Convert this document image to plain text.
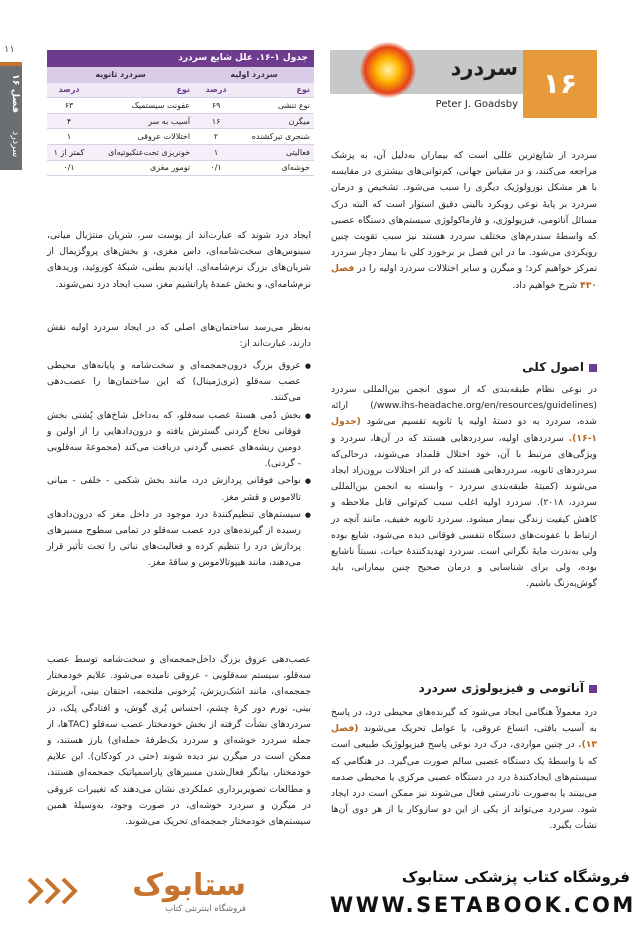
۱۱
فصل ۱۶
سردرد
جدول ۱-۱۶. علل شایع سردرد
سردرد اولیه		سردرد ثانویه	
نوع	درصد	نوع	درصد
نوع تنشی	۶۹	عفونت سیستمیک	۶۳
میگرن	۱۶	آسیب به سر	۴
شنجری تیرکشنده	۲	اختلالات عروقی	۱
فعالیتی	۱	خونریزی تحت‌عنکبوتیه‌ای	کمتر از ۱
خوشه‌ای	۰/۱	تومور مغزی	۰/۱
سردرد ۱۶
Peter J. Goadsby
سردرد از شایع‌ترین عللی است که بیماران به‌دلیل آن، به پزشک مراجعه می‌کنند، و در مقیاس جهانی، کم‌توانی‌های بیشتری در مقایسه با هر مشکل نورولوژیک دیگری را سبب می‌شود. تشخیص و درمان سردرد بر پایهٔ نوعی رویکرد بالینی دقیق استوار است که البته درک مسائل آناتومی، فیزیولوژی، و فارماکولوژی سیستم‌های دستگاه عصبی که واسطهٔ سندرم‌های مختلف سردرد هستند نیز سبب تقویت چنین رویکردی می‌شود. ما در این فصل بر برخورد کلی با بیمار دچار سردرد تمرکز خواهیم کرد؛ و میگرن و سایر اختلالات سردرد اولیه را در فصل ۴۳۰ شرح خواهیم داد.
اصول کلی
در نوعی نظام طبقه‌بندی که از سوی انجمن بین‌المللی سردرد (www.ihs-headache.org/en/resources/guidelines/) ارائه شده، سردرد به دو دستهٔ اولیه یا ثانویه تقسیم می‌شود (جدول ۱-۱۶). سردردهای اولیه، سردردهایی هستند که در آن‌ها، سردرد و ویژگی‌های مرتبط با آن، خود اختلال قلمداد می‌شوند، درحالی‌که سردردهای ثانویه، سردردهایی هستند که در اثر اختلالات برون‌زاد ایجاد می‌شوند (کمیتهٔ طبقه‌بندی سردرد - وابسته به انجمن بین‌المللی سردرد، ۲۰۱۸). سردرد اولیه اغلب سبب کم‌توانی قابل ملاحظه و کاهش کیفیت زندگی بیمار میشود. سردرد ثانویه خفیف، مانند آنچه در ارتباط با عفونت‌های دستگاه تنفسی فوقانی دیده می‌شود، شایع بوده ولی به‌ندرت مایهٔ نگرانی است. سردرد تهدیدکنندهٔ حیات، نسبتاً ناشایع بوده، ولی برای شناسایی و درمان صحیح چنین بیمارانی، باید گوش‌به‌زنگ باشیم.
آناتومی و فیزیولوژی سردرد
درد معمولاً هنگامی ایجاد می‌شود که گیرنده‌های محیطی درد، در پاسخ به آسیب بافتی، اتساع عروقی، یا عوامل تحریک می‌شوند (فصل ۱۳). در چنین مواردی، درک درد نوعی پاسخ فیزیولوژیک طبیعی است که با واسطهٔ یک دستگاه عصبی سالم صورت می‌گیرد. در هنگامی که سیستم‌های ایجادکنندهٔ درد در دستگاه عصبی مرکزی یا محیطی صدمه می‌بینند یا به‌صورت نادرستی فعال می‌شوند نیز ممکن است درد ایجاد شود. سردرد می‌تواند از یکی از این دو سازوکار یا از هر دوی آن‌ها نشأت بگیرد.
ایجاد درد شوند که عبارت‌اند از پوست سر، شریان منتژیال میانی، سینوس‌های سخت‌شامه‌ای، داس مغزی، و بخش‌های پروگزیمال از شریان‌های بزرگ نرم‌شامه‌ای. اپاندیم بطنی، شبکهٔ کوروئید، وریدهای نرم‌شامه‌ای، و بخش عمدهٔ پارانشیم مغز، سبب ایجاد درد نمی‌شوند.
به‌نظر می‌رسد ساختمان‌های اصلی که در ایجاد سردرد اولیه نقش دارند، عبارت‌اند از:
● عروق بزرگ درون‌جمجمه‌ای و سخت‌شامه و پایانه‌های محیطی عصب سه‌قلو (تری‌ژمینال) که این ساختمان‌ها را عصب‌دهی می‌کنند.
● بخش دُمی هستهٔ عصب سه‌قلو، که به‌داخل شاخ‌های پُشتی بخش فوقانی نخاع گردنی گسترش یافته و درون‌دادهایی را از اولین و دومین ریشه‌های عصبی گردنی دریافت می‌کند (مجموعهٔ سه‌قلویی - گردنی).
● نواحی فوقانی پردازش درد، مانند بخش شکمی - خلفی - میانی تالاموس و قشر مغز.
● سیستم‌های تنظیم‌کنندهٔ درد موجود در داخل مغز که درون‌دادهای رسیده از گیرنده‌های درد عصب سه‌قلو در تمامی سطوح مسیرهای پردازش درد را تنظیم کرده و فعالیت‌های نباتی را تحت تأثیر قرار می‌دهند، مانند هیپوتالاموس و ساقهٔ مغز.
عصب‌دهی عروق بزرگ داخل‌جمجمه‌ای و سخت‌شامه توسط عصب سه‌قلو، سیستم سه‌قلویی - عروقی نامیده می‌شود. علایم خودمختار جمجمه‌ای، مانند اشک‌ریزش، پُرخونی ملتحمه، احتقان بینی، آبریزش بینی، تورم دور کرهٔ چشم، احساس پُری گوش، و افتادگی پلک، در سردردهای نشأت گرفته از بخش خودمختار عصب سه‌قلو (TAC‌ها، از جمله سردرد خوشه‌ای و سردرد یک‌طرفهٔ حمله‌ای) بارز هستند، و ممکن است در میگرن نیز دیده شوند (حتی در کودکان). این علایم خودمختار، بیانگر فعال‌شدن مسیرهای پاراسمپاتیک جمجمه‌ای هستند، و مطالعات تصویربرداری عملکردی نشان می‌دهند که تغییرات عروقی در میگرن و سردرد خوشه‌ای، در صورت وجود، به‌وسیلهٔ همین سیستم‌های خودمختار جمجمه‌ای تحریک می‌شوند.
فروشگاه کتاب پزشکی ستابوک
WWW.SETABOOK.COM
ستابوک
فروشگاه اینترنتی کتاب
